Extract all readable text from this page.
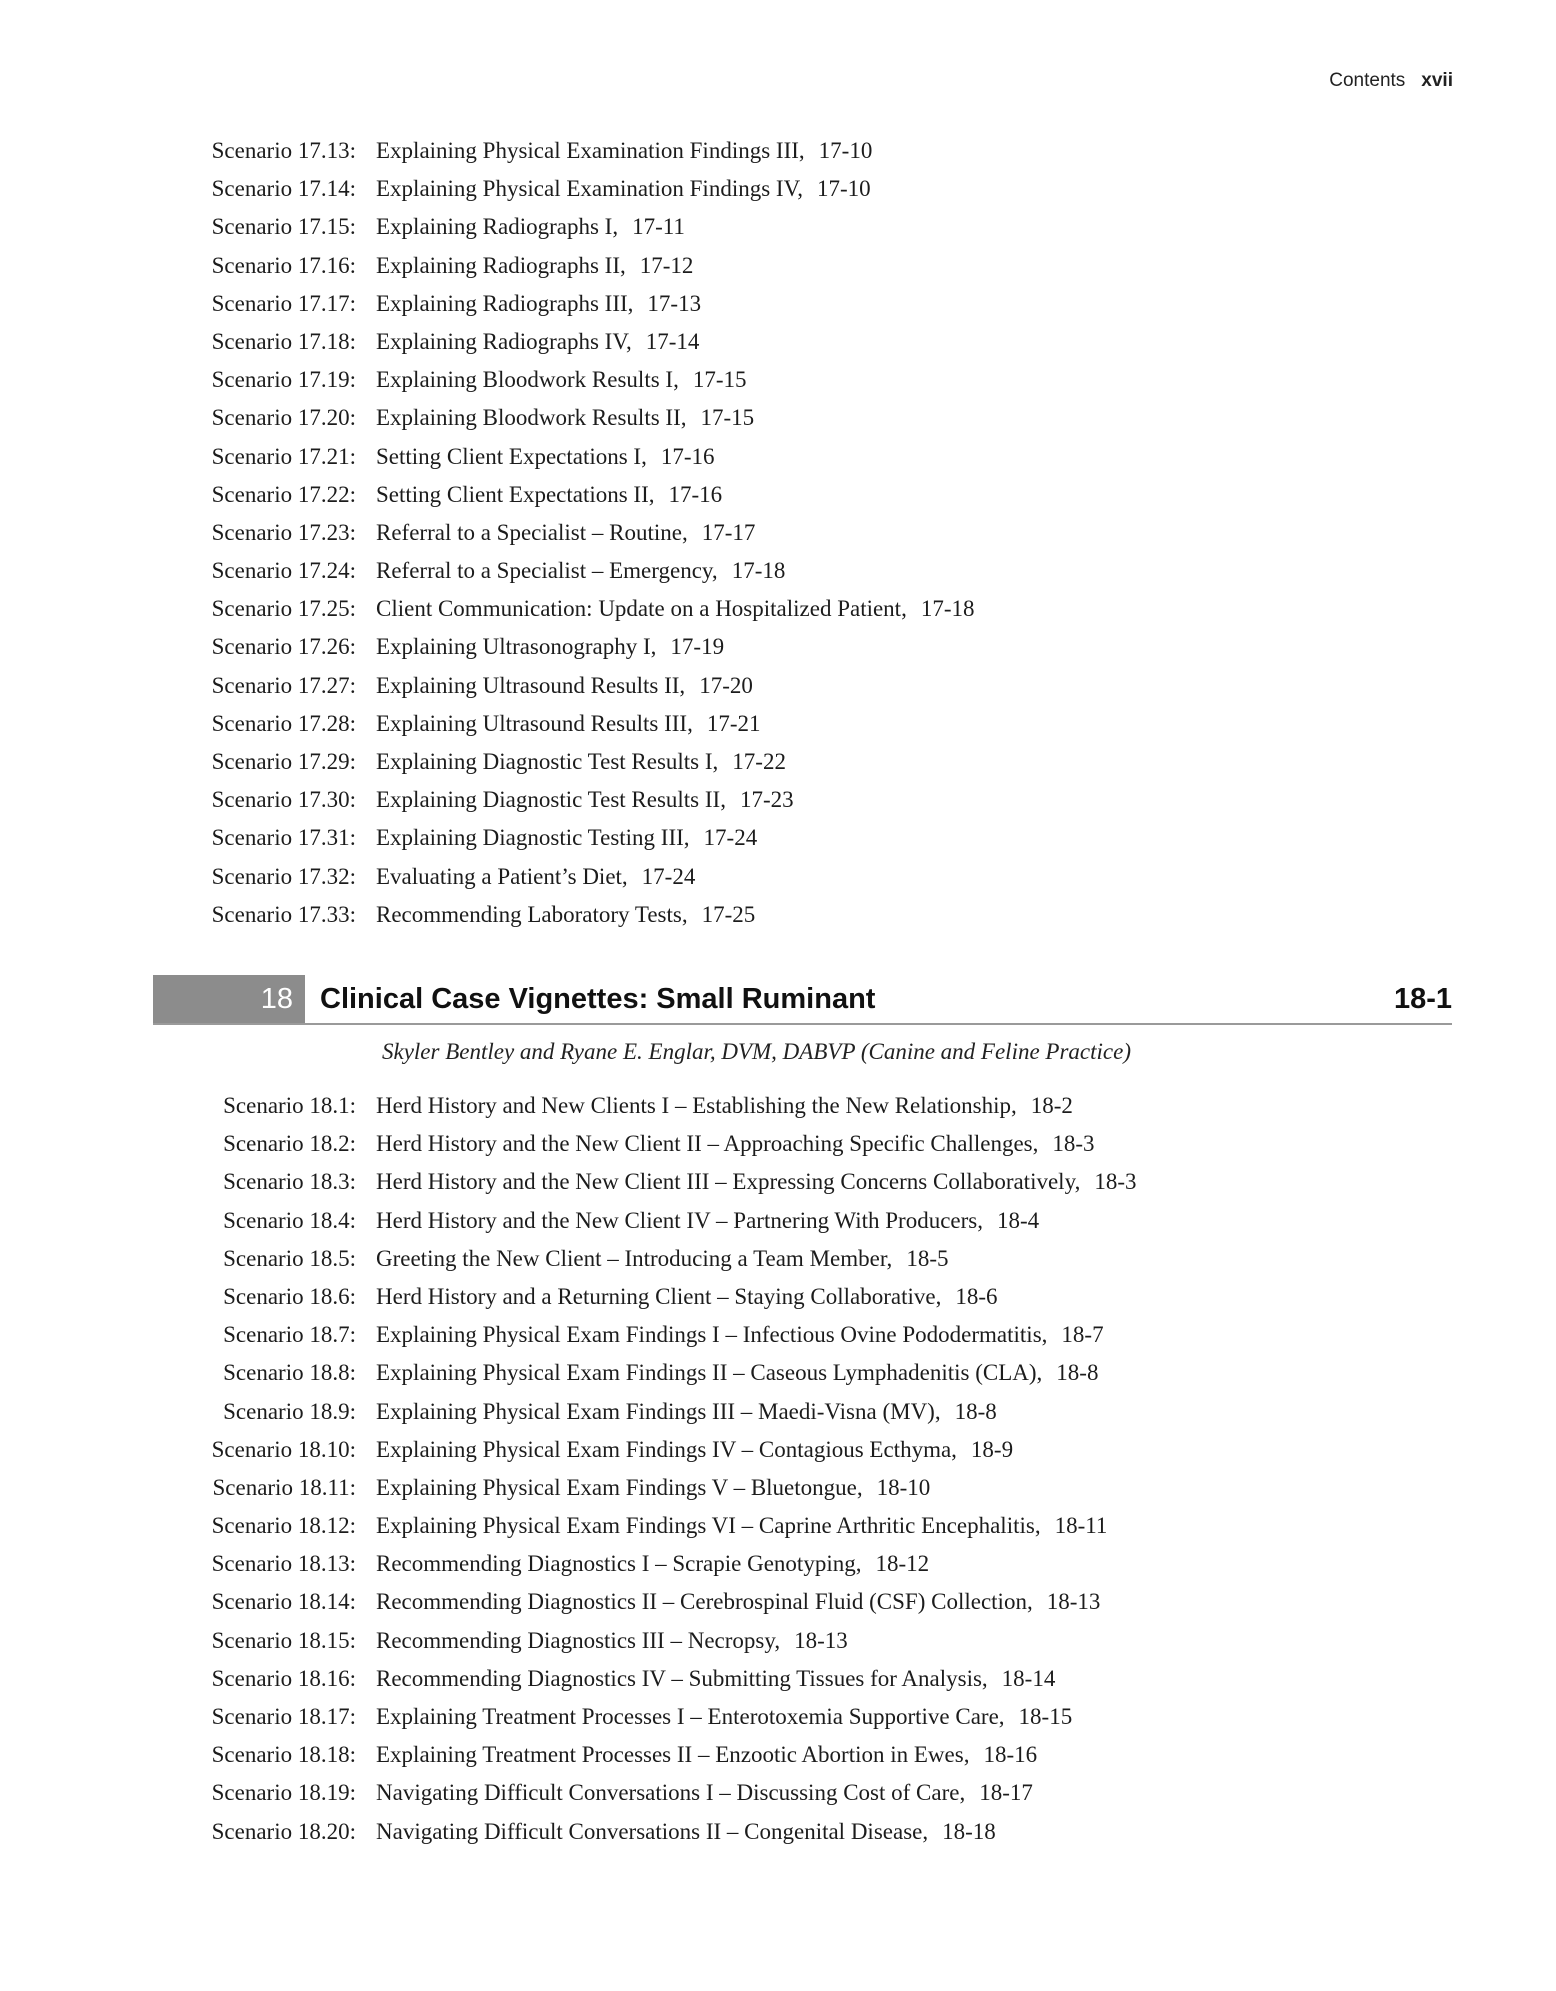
Contents xvii
Scenario 17.13: Explaining Physical Examination Findings III, 17-10
Scenario 17.14: Explaining Physical Examination Findings IV, 17-10
Scenario 17.15: Explaining Radiographs I, 17-11
Scenario 17.16: Explaining Radiographs II, 17-12
Scenario 17.17: Explaining Radiographs III, 17-13
Scenario 17.18: Explaining Radiographs IV, 17-14
Scenario 17.19: Explaining Bloodwork Results I, 17-15
Scenario 17.20: Explaining Bloodwork Results II, 17-15
Scenario 17.21: Setting Client Expectations I, 17-16
Scenario 17.22: Setting Client Expectations II, 17-16
Scenario 17.23: Referral to a Specialist – Routine, 17-17
Scenario 17.24: Referral to a Specialist – Emergency, 17-18
Scenario 17.25: Client Communication: Update on a Hospitalized Patient, 17-18
Scenario 17.26: Explaining Ultrasonography I, 17-19
Scenario 17.27: Explaining Ultrasound Results II, 17-20
Scenario 17.28: Explaining Ultrasound Results III, 17-21
Scenario 17.29: Explaining Diagnostic Test Results I, 17-22
Scenario 17.30: Explaining Diagnostic Test Results II, 17-23
Scenario 17.31: Explaining Diagnostic Testing III, 17-24
Scenario 17.32: Evaluating a Patient’s Diet, 17-24
Scenario 17.33: Recommending Laboratory Tests, 17-25
18 Clinical Case Vignettes: Small Ruminant	18-1
Skyler Bentley and Ryane E. Englar, DVM, DABVP (Canine and Feline Practice)
Scenario 18.1: Herd History and New Clients I – Establishing the New Relationship, 18-2
Scenario 18.2: Herd History and the New Client II – Approaching Specific Challenges, 18-3
Scenario 18.3: Herd History and the New Client III – Expressing Concerns Collaboratively, 18-3
Scenario 18.4: Herd History and the New Client IV – Partnering With Producers, 18-4
Scenario 18.5: Greeting the New Client – Introducing a Team Member, 18-5
Scenario 18.6: Herd History and a Returning Client – Staying Collaborative, 18-6
Scenario 18.7: Explaining Physical Exam Findings I – Infectious Ovine Pododermatitis, 18-7
Scenario 18.8: Explaining Physical Exam Findings II – Caseous Lymphadenitis (CLA), 18-8
Scenario 18.9: Explaining Physical Exam Findings III – Maedi-Visna (MV), 18-8
Scenario 18.10: Explaining Physical Exam Findings IV – Contagious Ecthyma, 18-9
Scenario 18.11: Explaining Physical Exam Findings V – Bluetongue, 18-10
Scenario 18.12: Explaining Physical Exam Findings VI – Caprine Arthritic Encephalitis, 18-11
Scenario 18.13: Recommending Diagnostics I – Scrapie Genotyping, 18-12
Scenario 18.14: Recommending Diagnostics II – Cerebrospinal Fluid (CSF) Collection, 18-13
Scenario 18.15: Recommending Diagnostics III – Necropsy, 18-13
Scenario 18.16: Recommending Diagnostics IV – Submitting Tissues for Analysis, 18-14
Scenario 18.17: Explaining Treatment Processes I – Enterotoxemia Supportive Care, 18-15
Scenario 18.18: Explaining Treatment Processes II – Enzootic Abortion in Ewes, 18-16
Scenario 18.19: Navigating Difficult Conversations I – Discussing Cost of Care, 18-17
Scenario 18.20: Navigating Difficult Conversations II – Congenital Disease, 18-18
